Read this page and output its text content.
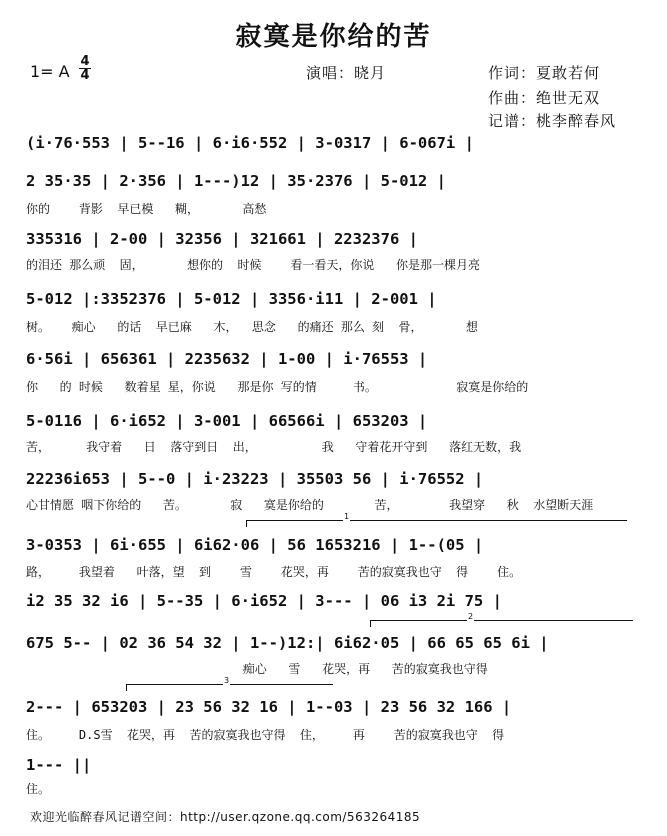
寂寞是你给的苦
1= A
4
4	演唱：晓月	作词：夏敢若何
作曲：绝世无双
记谱：桃李醉春风
(i·76·553 | 5--16 | 6·i6·552 | 3-0317 | 6-067i |
2 35·35 | 2·356 | 1---)12 | 35·2376 | 5-012 |
你的    背影  早已模   糊，      高愁
335316 | 2-00 | 32356 | 321661 | 2232376 |
的泪还 那么顽  固，      想你的  时候    看一看天，你说   你是那一棵月亮
5-012 |:3352376 | 5-012 | 3356·i11 | 2-001 |
树。   痴心   的话  早已麻   木，  思念   的痛还 那么 刻  骨，      想
6·56i | 656361 | 2235632 | 1-00 | i·76553 |
你   的 时候   数着星 星，你说   那是你 写的情     书。           寂寞是你给的
5-0116 | 6·i652 | 3-001 | 66566i | 653203 |
苦，     我守着   日  落守到日  出，         我   守着花开守到   落红无数，我
22236i653 | 5--0 | i·23223 | 35503 56 | i·76552 |
心甘情愿 咽下你给的   苦。      寂   寞是你给的       苦，       我望穿   秋  水望断天涯
1
3-0353 | 6i·655 | 6i62·06 | 56 1653216 | 1--(05 |
路，    我望着   叶落，望  到    雪    花哭，再    苦的寂寞我也守  得    住。
i2 35 32 i6 | 5--35 | 6·i652 | 3--- | 06 i3 2i 75 |
2
675 5-- | 02 36 54 32 | 1--)12:| 6i62·05 | 66 65 65 6i |
痴心   雪   花哭，再   苦的寂寞我也守得
3
2--- | 653203 | 23 56 32 16 | 1--03 | 23 56 32 166 |
住。    D.S雪  花哭，再  苦的寂寞我也守得  住，    再    苦的寂寞我也守  得
1--- ||
住。
欢迎光临醉春风记谱空间：http://user.qzone.qq.com/563264185
